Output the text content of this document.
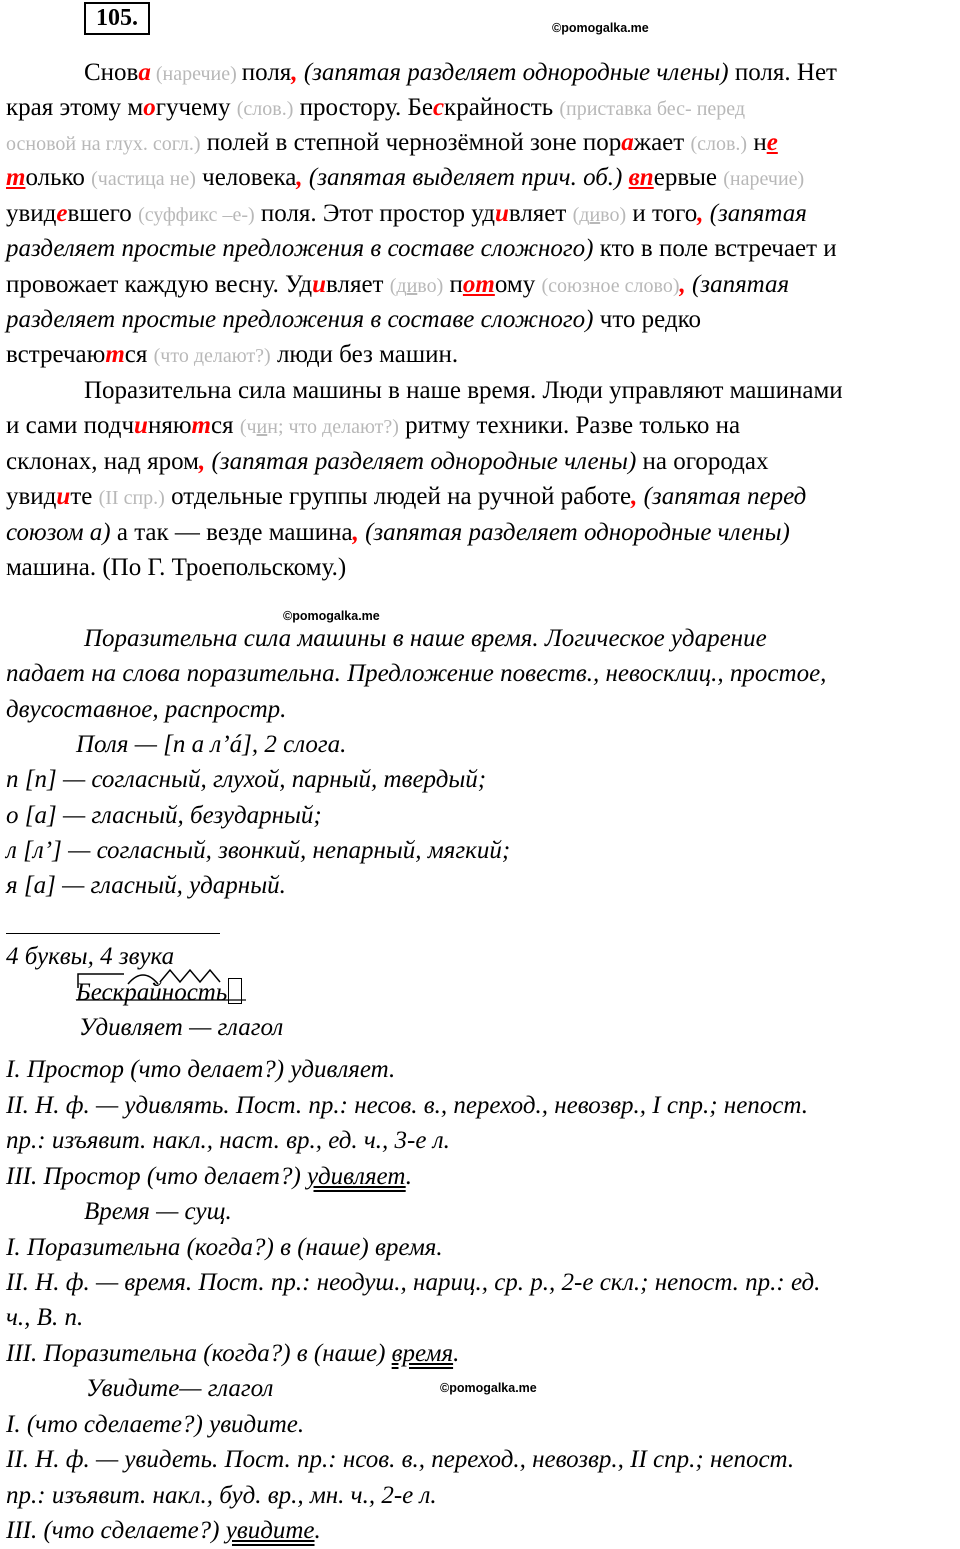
105.	©pomogalka.me
Снова (наречие) поля, (запятая разделяет однородные члены) поля. Нет
края этому могучему (слов.) простору. Бескрайность (приставка бес- перед
основой на глух. согл.) полей в степной чернозёмной зоне поражает (слов.) не
только (частица не) человека, (запятая выделяет прич. об.) впервые (наречие)
увидевшего (суффикс –е-) поля. Этот простор удивляет (диво) и того, (запятая
разделяет простые предложения в составе сложного) кто в поле встречает и
провожает каждую весну. Удивляет (диво) потому (союзное слово), (запятая
разделяет простые предложения в составе сложного) что редко
встречаются (что делают?) люди без машин.
Поразительна сила машины в наше время. Люди управляют машинами
и сами подчиняются (чин; что делают?) ритму техники. Разве только на
склонах, над яром, (запятая разделяет однородные члены) на огородах
увидите (II спр.) отдельные группы людей на ручной работе, (запятая перед
союзом а) а так — везде машина, (запятая разделяет однородные члены)
машина. (По Г. Троепольскому.)
©pomogalka.me
Поразительна сила машины в наше время. Логическое ударение
падает на слова поразительна. Предложение повеств., невосклиц., простое,
двусоставное, распростр.
Поля — [п а л’á], 2 слога.
п [п] — согласный, глухой, парный, твердый;
о [а] — гласный, безударный;
л [л’] — согласный, звонкий, непарный, мягкий;
я [а] — гласный, ударный.
4 буквы, 4 звука
Бескрайность
Удивляет — глагол
I. Простор (что делает?) удивляет.
II. Н. ф. — удивлять. Пост. пр.: несов. в., переход., невозвр., I спр.; непост.
пр.: изъявит. накл., наст. вр., ед. ч., 3-е л.
III. Простор (что делает?) удивляет.
Время — сущ.
I. Поразительна (когда?) в (наше) время.
II. Н. ф. — время. Пост. пр.: неодуш., нариц., ср. р., 2-е скл.; непост. пр.: ед.
ч., В. п.
III. Поразительна (когда?) в (наше) время.
Увидите— глагол	©pomogalka.me
I. (что сделаете?) увидите.
II. Н. ф. — увидеть. Пост. пр.: нсов. в., переход., невозвр., II спр.; непост.
пр.: изъявит. накл., буд. вр., мн. ч., 2-е л.
III. (что сделаете?) увидите.
